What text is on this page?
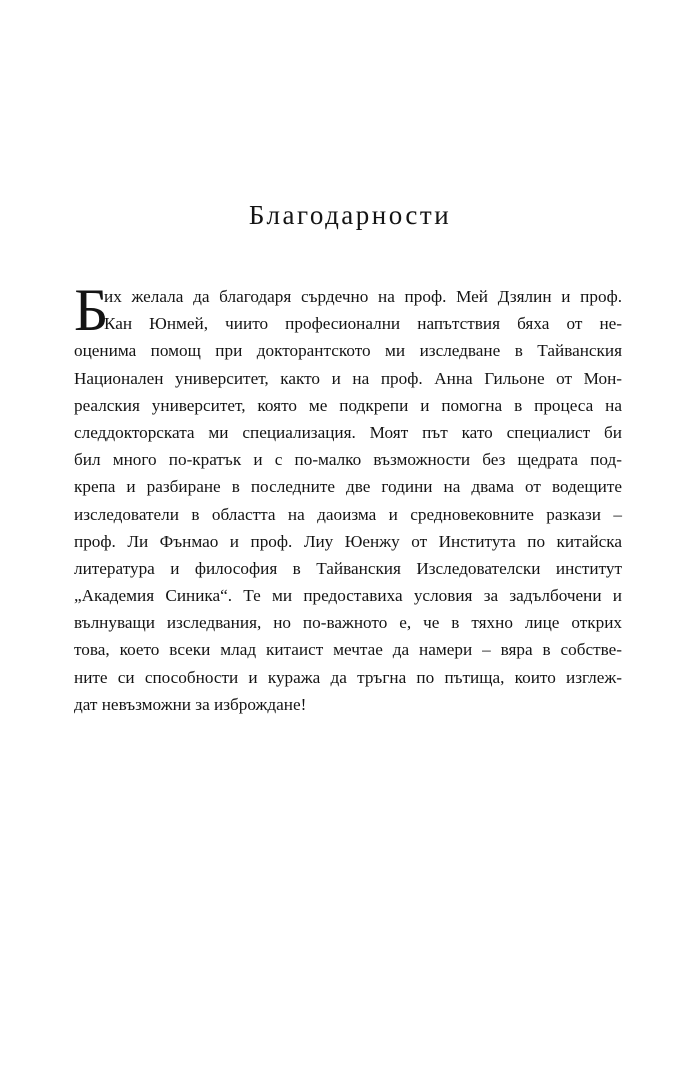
Благодарности
Б
их желала да благодаря сърдечно на проф. Мей Дзялин и проф.
Кан Юнмей, чиито професионални напътствия бяха от не-
оценима помощ при докторантското ми изследване в Тайванския
Национален университет, както и на проф. Анна Гильоне от Мон-
реалския университет, която ме подкрепи и помогна в процеса на
следдокторската ми специализация. Моят път като специалист би
бил много по-кратък и с по-малко възможности без щедрата под-
крепа и разбиране в последните две години на двама от водещите
изследователи в областта на даоизма и средновековните разкази –
проф. Ли Фънмао и проф. Лиу Юенжу от Института по китайска
литература и философия в Тайванския Изследователски институт
„Академия Синика“. Те ми предоставиха условия за задълбочени и
вълнуващи изследвания, но по-важното е, че в тяхно лице открих
това, което всеки млад китаист мечтае да намери – вяра в собстве-
ните си способности и куража да тръгна по пътища, които изглеж-
дат невъзможни за изброждане!
